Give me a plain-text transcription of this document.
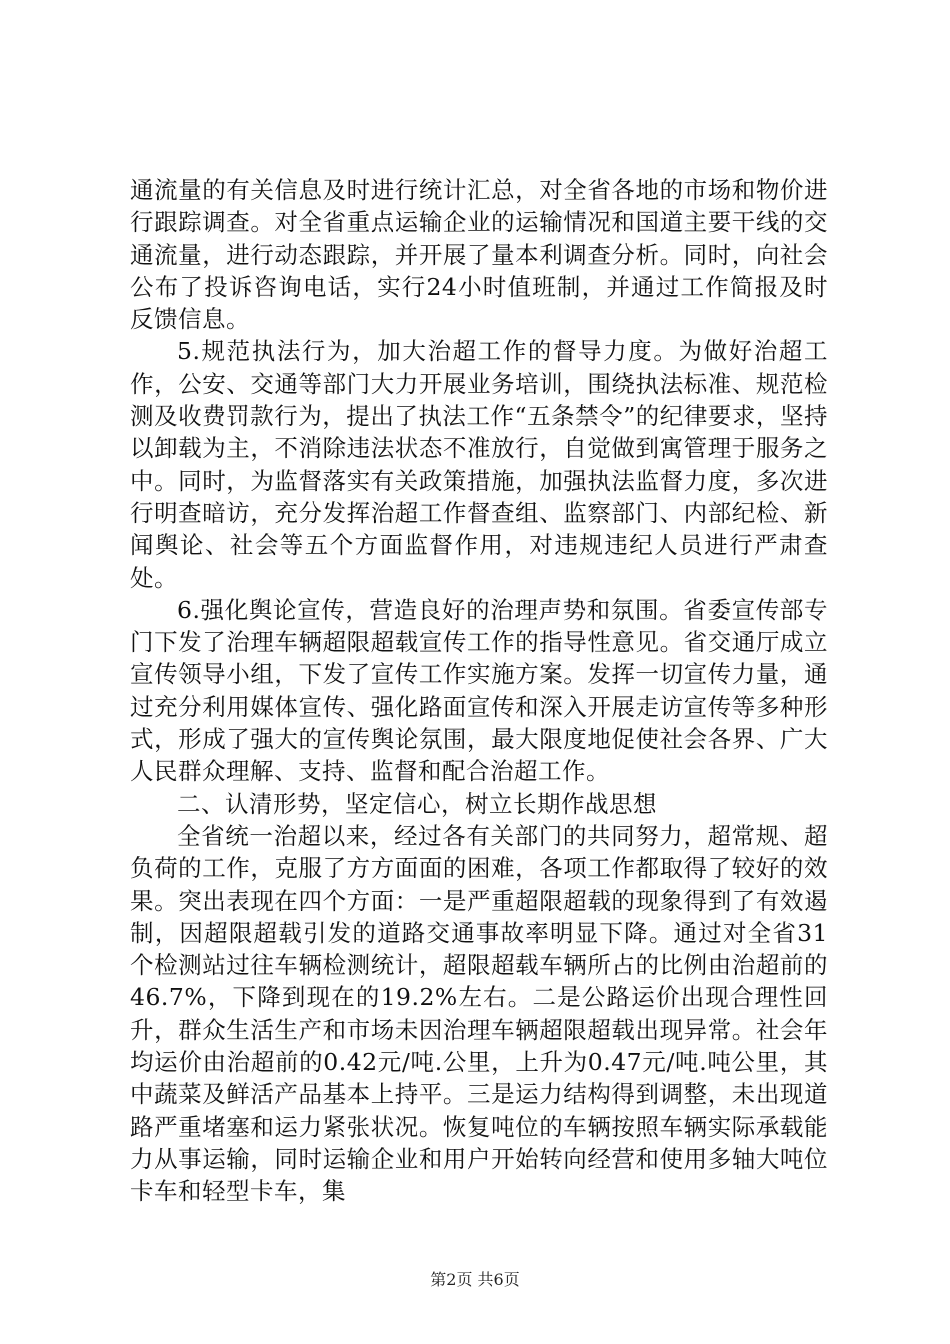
通流量的有关信息及时进行统计汇总，对全省各地的市场和物价进行跟踪调查。对全省重点运输企业的运输情况和国道主要干线的交通流量，进行动态跟踪，并开展了量本利调查分析。同时，向社会公布了投诉咨询电话，实行24小时值班制，并通过工作简报及时反馈信息。

5.规范执法行为，加大治超工作的督导力度。为做好治超工作，公安、交通等部门大力开展业务培训，围绕执法标准、规范检测及收费罚款行为，提出了执法工作“五条禁令”的纪律要求，坚持以卸载为主，不消除违法状态不准放行，自觉做到寓管理于服务之中。同时，为监督落实有关政策措施，加强执法监督力度，多次进行明查暗访，充分发挥治超工作督查组、监察部门、内部纪检、新闻舆论、社会等五个方面监督作用，对违规违纪人员进行严肃查处。

6.强化舆论宣传，营造良好的治理声势和氛围。省委宣传部专门下发了治理车辆超限超载宣传工作的指导性意见。省交通厅成立宣传领导小组，下发了宣传工作实施方案。发挥一切宣传力量，通过充分利用媒体宣传、强化路面宣传和深入开展走访宣传等多种形式，形成了强大的宣传舆论氛围，最大限度地促使社会各界、广大人民群众理解、支持、监督和配合治超工作。

二、认清形势，坚定信心，树立长期作战思想

全省统一治超以来，经过各有关部门的共同努力，超常规、超负荷的工作，克服了方方面面的困难，各项工作都取得了较好的效果。突出表现在四个方面：一是严重超限超载的现象得到了有效遏制，因超限超载引发的道路交通事故率明显下降。通过对全省31个检测站过往车辆检测统计，超限超载车辆所占的比例由治超前的46.7%，下降到现在的19.2%左右。二是公路运价出现合理性回升，群众生活生产和市场未因治理车辆超限超载出现异常。社会年均运价由治超前的0.42元/吨.公里，上升为0.47元/吨.吨公里，其中蔬菜及鲜活产品基本上持平。三是运力结构得到调整，未出现道路严重堵塞和运力紧张状况。恢复吨位的车辆按照车辆实际承载能力从事运输，同时运输企业和用户开始转向经营和使用多轴大吨位卡车和轻型卡车，集

第2页 共6页
